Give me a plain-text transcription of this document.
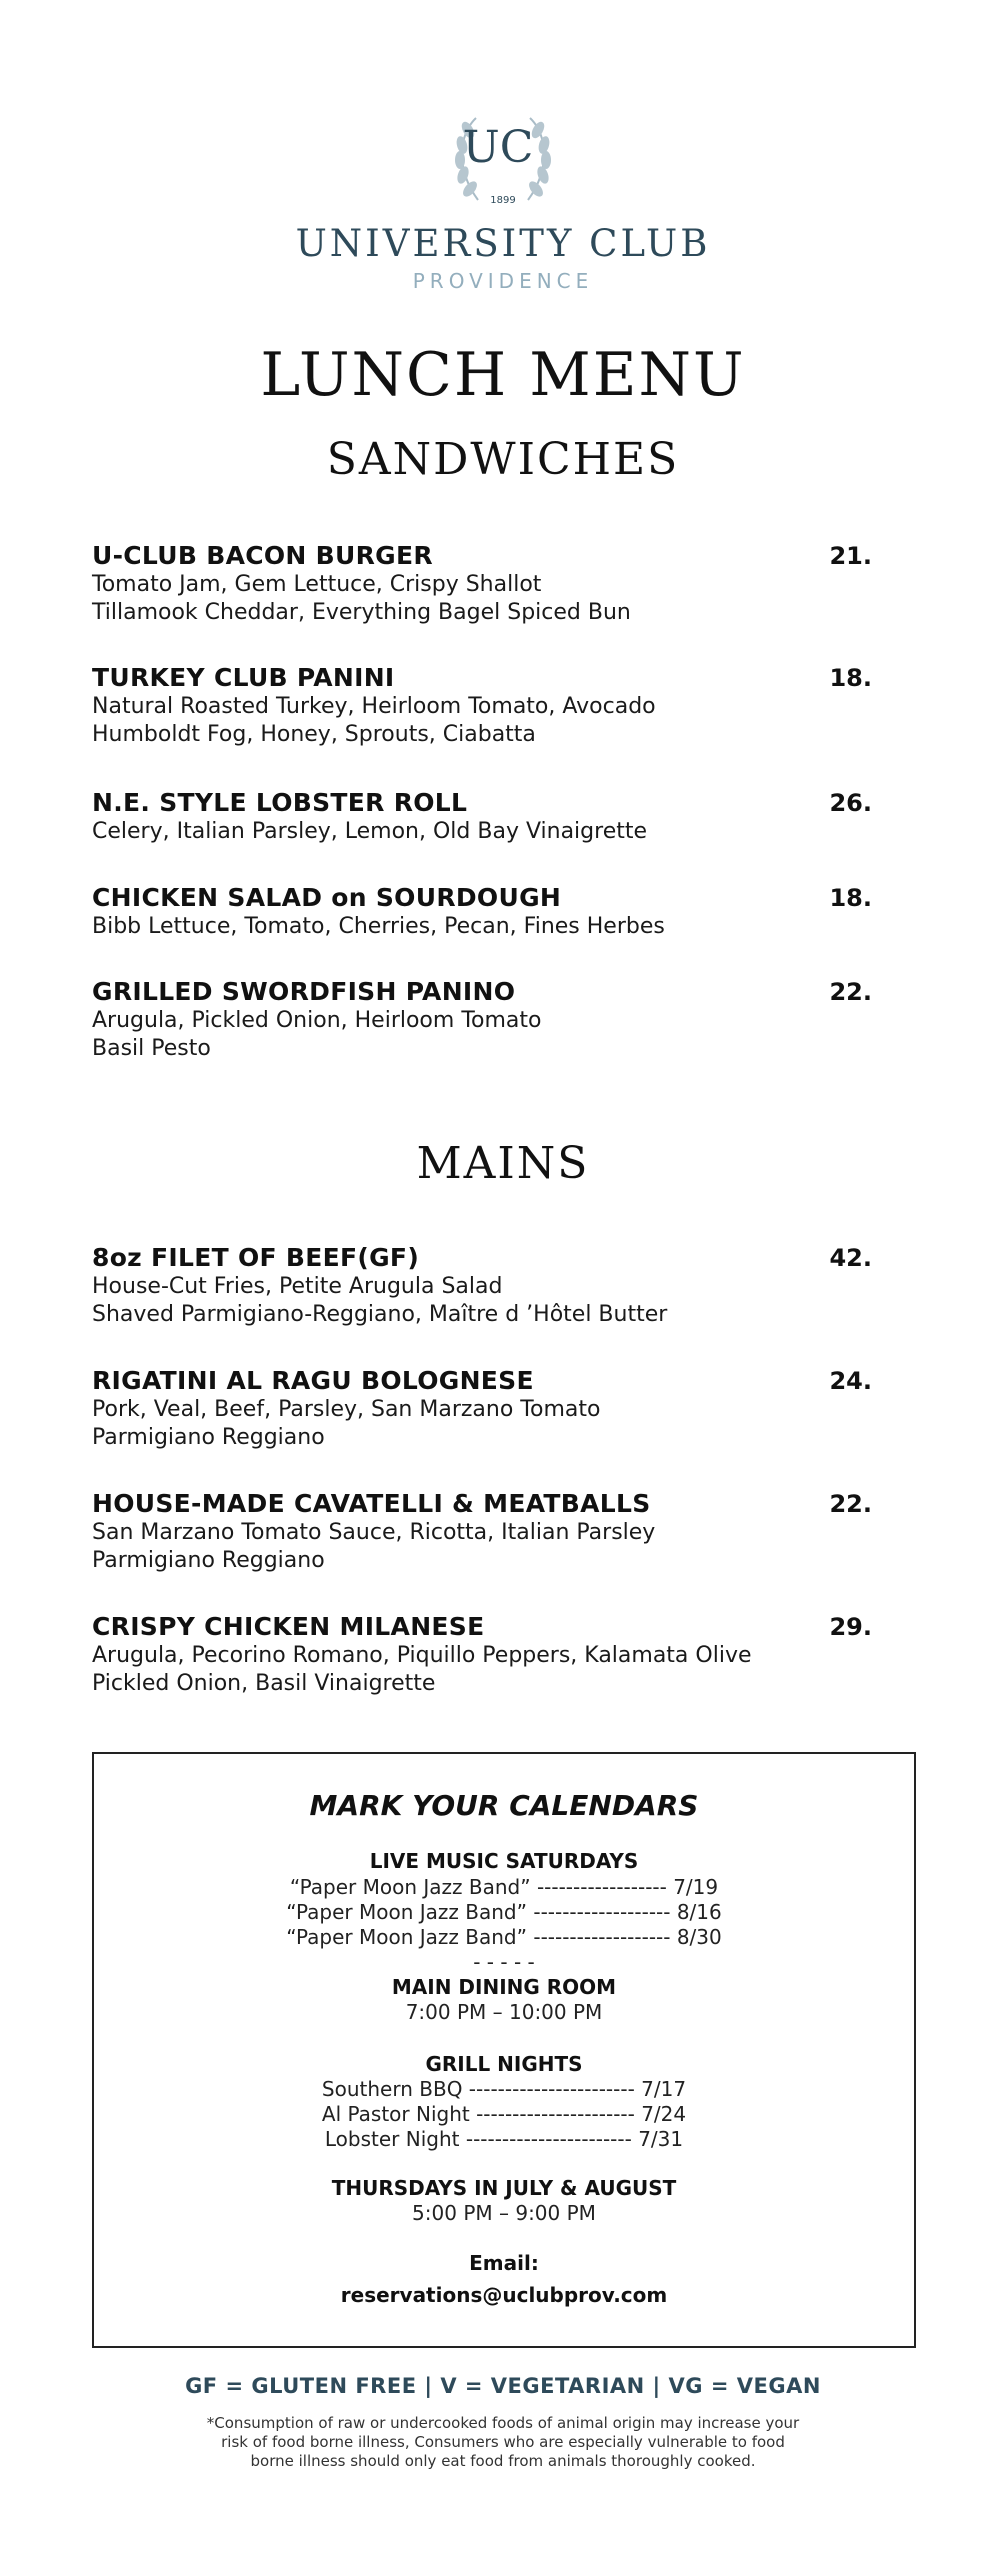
UC
1899
UNIVERSITY CLUB
PROVIDENCE
LUNCH MENU
SANDWICHES
U-CLUB BACON BURGER	21.
Tomato Jam, Gem Lettuce, Crispy Shallot
Tillamook Cheddar, Everything Bagel Spiced Bun
TURKEY CLUB PANINI	18.
Natural Roasted Turkey, Heirloom Tomato, Avocado
Humboldt Fog, Honey, Sprouts, Ciabatta
N.E. STYLE LOBSTER ROLL	26.
Celery, Italian Parsley, Lemon, Old Bay Vinaigrette
CHICKEN SALAD on SOURDOUGH	18.
Bibb Lettuce, Tomato, Cherries, Pecan, Fines Herbes
GRILLED SWORDFISH PANINO	22.
Arugula, Pickled Onion, Heirloom Tomato
Basil Pesto
MAINS
8oz FILET OF BEEF(GF)	42.
House-Cut Fries, Petite Arugula Salad
Shaved Parmigiano-Reggiano, Maître d ’Hôtel Butter
RIGATINI AL RAGU BOLOGNESE	24.
Pork, Veal, Beef, Parsley, San Marzano Tomato
Parmigiano Reggiano
HOUSE-MADE CAVATELLI & MEATBALLS	22.
San Marzano Tomato Sauce, Ricotta, Italian Parsley
Parmigiano Reggiano
CRISPY CHICKEN MILANESE	29.
Arugula, Pecorino Romano, Piquillo Peppers, Kalamata Olive
Pickled Onion, Basil Vinaigrette
MARK YOUR CALENDARS
LIVE MUSIC SATURDAYS
“Paper Moon Jazz Band” ------------------ 7/19
“Paper Moon Jazz Band” ------------------- 8/16
“Paper Moon Jazz Band” ------------------- 8/30
- - - - -
MAIN DINING ROOM
7:00 PM – 10:00 PM
GRILL NIGHTS
Southern BBQ ----------------------- 7/17
Al Pastor Night ---------------------- 7/24
Lobster Night ----------------------- 7/31
THURSDAYS IN JULY & AUGUST
5:00 PM – 9:00 PM
Email:
reservations@uclubprov.com
GF = GLUTEN FREE | V = VEGETARIAN | VG = VEGAN
*Consumption of raw or undercooked foods of animal origin may increase your
risk of food borne illness, Consumers who are especially vulnerable to food
borne illness should only eat food from animals thoroughly cooked.
